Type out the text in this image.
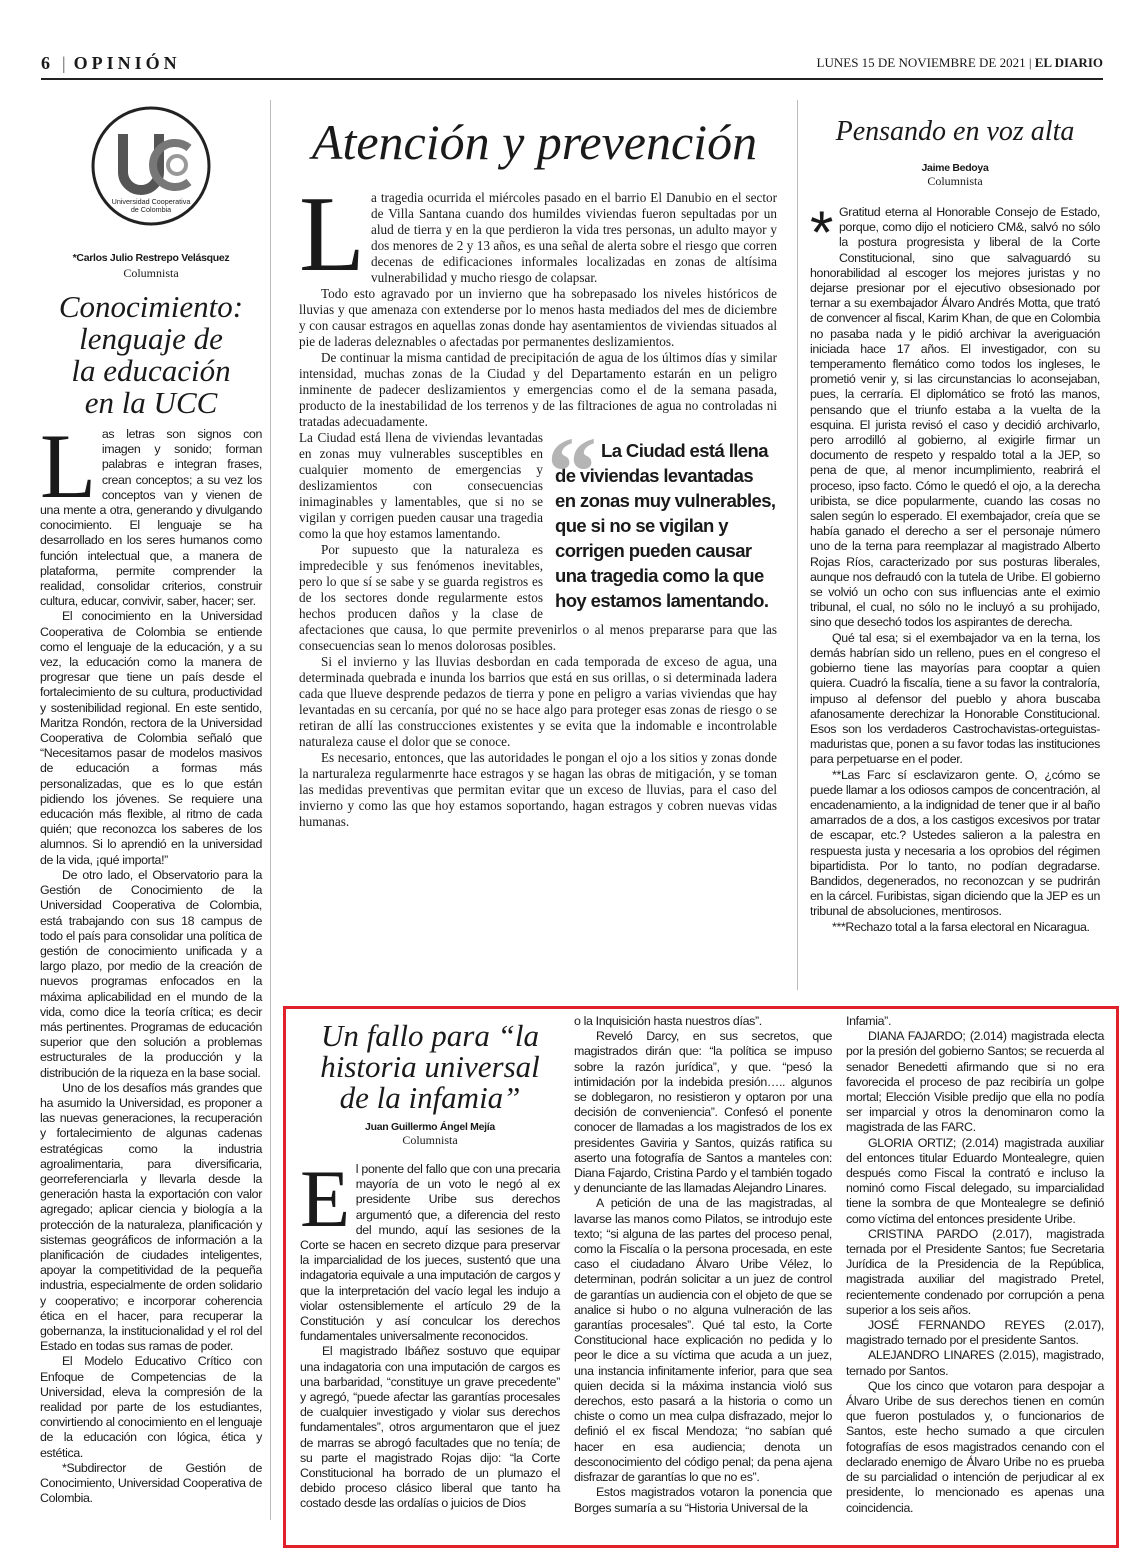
6 | OPINIÓN	LUNES 15 DE NOVIEMBRE DE 2021 | EL DIARIO
Universidad Cooperativa
de Colombia
*Carlos Julio Restrepo Velásquez
Columnista
Conocimiento:
lenguaje de
la educación
en la UCC

Las letras son signos con imagen y sonido; forman palabras e integran frases, crean conceptos; a su vez los conceptos van y vienen de una mente a otra, generando y divulgando conocimiento. El lenguaje se ha desarrollado en los seres humanos como función intelectual que, a manera de plataforma, permite comprender la realidad, consolidar criterios, construir cultura, educar, convivir, saber, hacer; ser.

El conocimiento en la Universidad Cooperativa de Colombia se entiende como el lenguaje de la educación, y a su vez, la educación como la manera de progresar que tiene un país desde el fortalecimiento de su cultura, productividad y sostenibilidad regional. En este sentido, Maritza Rondón, rectora de la Universidad Cooperativa de Colombia señaló que “Necesitamos pasar de modelos masivos de educación a formas más personalizadas, que es lo que están pidiendo los jóvenes. Se requiere una educación más flexible, al ritmo de cada quién; que reconozca los saberes de los alumnos. Si lo aprendió en la universidad de la vida, ¡qué importa!”

De otro lado, el Observatorio para la Gestión de Conocimiento de la Universidad Cooperativa de Colombia, está trabajando con sus 18 campus de todo el país para consolidar una política de gestión de conocimiento unificada y a largo plazo, por medio de la creación de nuevos programas enfocados en la máxima aplicabilidad en el mundo de la vida, como dice la teoría crítica; es decir más pertinentes. Programas de educación superior que den solución a problemas estructurales de la producción y la distribución de la riqueza en la base social.

Uno de los desafíos más grandes que ha asumido la Universidad, es proponer a las nuevas generaciones, la recuperación y fortalecimiento de algunas cadenas estratégicas como la industria agroalimentaria, para diversificaria, georreferenciarla y llevarla desde la generación hasta la exportación con valor agregado; aplicar ciencia y biología a la protección de la naturaleza, planificación y sistemas geográficos de información a la planificación de ciudades inteligentes, apoyar la competitividad de la pequeña industria, especialmente de orden solidario y cooperativo; e incorporar coherencia ética en el hacer, para recuperar la gobernanza, la institucionalidad y el rol del Estado en todas sus ramas de poder.

El Modelo Educativo Crítico con Enfoque de Competencias de la Universidad, eleva la compresión de la realidad por parte de los estudiantes, convirtiendo al conocimiento en el lenguaje de la educación con lógica, ética y estética.

*Subdirector de Gestión de Conocimiento, Universidad Cooperativa de Colombia.

Atención y prevención

La tragedia ocurrida el miércoles pasado en el barrio El Danubio en el sector de Villa Santana cuando dos humildes viviendas fueron sepultadas por un alud de tierra y en la que perdieron la vida tres personas, un adulto mayor y dos menores de 2 y 13 años, es una señal de alerta sobre el riesgo que corren decenas de edificaciones informales localizadas en zonas de altísima vulnerabilidad y mucho riesgo de colapsar.

Todo esto agravado por un invierno que ha sobrepasado los niveles históricos de lluvias y que amenaza con extenderse por lo menos hasta mediados del mes de diciembre y con causar estragos en aquellas zonas donde hay asentamientos de viviendas situados al pie de laderas deleznables o afectadas por permanentes deslizamientos.

De continuar la misma cantidad de precipitación de agua de los últimos días y similar intensidad, muchas zonas de la Ciudad y del Departamento estarán en un peligro inminente de padecer deslizamientos y emergencias como el de la semana pasada, producto de la inestabilidad de los terrenos y de las filtraciones de agua no controladas ni tratadas adecuadamente.	“ La Ciudad está llena de viviendas levantadas en zonas muy vulnerables, que si no se vigilan y corrigen pueden causar una tragedia como la que hoy estamos lamentando.

La Ciudad está llena de viviendas levantadas en zonas muy vulnerables susceptibles en cualquier momento de emergencias y deslizamientos con consecuencias inimaginables y lamentables, que si no se vigilan y corrigen pueden causar una tragedia como la que hoy estamos lamentando.

Por supuesto que la naturaleza es impredecible y sus fenómenos inevitables, pero lo que sí se sabe y se guarda registros es de los sectores donde regularmente estos hechos producen daños y la clase de afectaciones que causa, lo que permite prevenirlos o al menos prepararse para que las consecuencias sean lo menos dolorosas posibles.

Si el invierno y las lluvias desbordan en cada temporada de exceso de agua, una determinada quebrada e inunda los barrios que está en sus orillas, o si determinada ladera cada que llueve desprende pedazos de tierra y pone en peligro a varias viviendas que hay levantadas en su cercanía, por qué no se hace algo para proteger esas zonas de riesgo o se retiran de allí las construcciones existentes y se evita que la indomable e incontrolable naturaleza cause el dolor que se conoce.

Es necesario, entonces, que las autoridades le pongan el ojo a los sitios y zonas donde la narturaleza regularmenrte hace estragos y se hagan las obras de mitigación, y se toman las medidas preventivas que permitan evitar que un exceso de lluvias, para el caso del invierno y como las que hoy estamos soportando, hagan estragos y cobren nuevas vidas humanas.

Pensando en voz alta
Jaime Bedoya
Columnista

* Gratitud eterna al Honorable Consejo de Estado, porque, como dijo el noticiero CM&, salvó no sólo la postura progresista y liberal de la Corte Constitucional, sino que salvaguardó su honorabilidad al escoger los mejores juristas y no dejarse presionar por el ejecutivo obsesionado por ternar a su exembajador Álvaro Andrés Motta, que trató de convencer al fiscal, Karim Khan, de que en Colombia no pasaba nada y le pidió archivar la averiguación iniciada hace 17 años. El investigador, con su temperamento flemático como todos los ingleses, le prometió venir y, si las circunstancias lo aconsejaban, pues, la cerraría. El diplomático se frotó las manos, pensando que el triunfo estaba a la vuelta de la esquina. El jurista revisó el caso y decidió archivarlo, pero arrodilló al gobierno, al exigirle firmar un documento de respeto y respaldo total a la JEP, so pena de que, al menor incumplimiento, reabrirá el proceso, ipso facto. Cómo le quedó el ojo, a la derecha uribista, se dice popularmente, cuando las cosas no salen según lo esperado. El exembajador, creía que se había ganado el derecho a ser el personaje número uno de la terna para reemplazar al magistrado Alberto Rojas Ríos, caracterizado por sus posturas liberales, aunque nos defraudó con la tutela de Uribe. El gobierno se volvió un ocho con sus influencias ante el eximio tribunal, el cual, no sólo no le incluyó a su prohijado, sino que desechó todos los aspirantes de derecha.

Qué tal esa; si el exembajador va en la terna, los demás habrían sido un relleno, pues en el congreso el gobierno tiene las mayorías para cooptar a quien quiera. Cuadró la fiscalía, tiene a su favor la contraloría, impuso al defensor del pueblo y ahora buscaba afanosamente derechizar la Honorable Constitucional. Esos son los verdaderos Castrochavistas-orteguistas-maduristas que, ponen a su favor todas las instituciones para perpetuarse en el poder.

**Las Farc sí esclavizaron gente. O, ¿cómo se puede llamar a los odiosos campos de concentración, al encadenamiento, a la indignidad de tener que ir al baño amarrados de a dos, a los castigos excesivos por tratar de escapar, etc.? Ustedes salieron a la palestra en respuesta justa y necesaria a los oprobios del régimen bipartidista. Por lo tanto, no podían degradarse. Bandidos, degenerados, no reconozcan y se pudrirán en la cárcel. Furibistas, sigan diciendo que la JEP es un tribunal de absoluciones, mentirosos.

***Rechazo total a la farsa electoral en Nicaragua.

Un fallo para “la
historia universal
de la infamia”
Juan Guillermo Ángel Mejía
Columnista

El ponente del fallo que con una precaria mayoría de un voto le negó al ex presidente Uribe sus derechos argumentó que, a diferencia del resto del mundo, aquí las sesiones de la Corte se hacen en secreto dizque para preservar la imparcialidad de los jueces, sustentó que una indagatoria equivale a una imputación de cargos y que la interpretación del vacío legal les indujo a violar ostensiblemente el artículo 29 de la Constitución y así conculcar los derechos fundamentales universalmente reconocidos.

El magistrado Ibáñez sostuvo que equipar una indagatoria con una imputación de cargos es una barbaridad, “constituye un grave precedente” y agregó, “puede afectar las garantías procesales de cualquier investigado y violar sus derechos fundamentales”, otros argumentaron que el juez de marras se abrogó facultades que no tenía; de su parte el magistrado Rojas dijo: “la Corte Constitucional ha borrado de un plumazo el debido proceso clásico liberal que tanto ha costado desde las ordalías o juicios de Dios

o la Inquisición hasta nuestros días”.

Reveló Darcy, en sus secretos, que magistrados dirán que: “la política se impuso sobre la razón jurídica”, y que. “pesó la intimidación por la indebida presión….. algunos se doblegaron, no resistieron y optaron por una decisión de conveniencia”. Confesó el ponente conocer de llamadas a los magistrados de los ex presidentes Gaviria y Santos, quizás ratifica su aserto una fotografía de Santos a manteles con: Diana Fajardo, Cristina Pardo y el también togado y denunciante de las llamadas Alejandro Linares.

A petición de una de las magistradas, al lavarse las manos como Pilatos, se introdujo este texto; “si alguna de las partes del proceso penal, como la Fiscalía o la persona procesada, en este caso el ciudadano Álvaro Uribe Vélez, lo determinan, podrán solicitar a un juez de control de garantías un audiencia con el objeto de que se analice si hubo o no alguna vulneración de las garantías procesales”. Qué tal esto, la Corte Constitucional hace explicación no pedida y lo peor le dice a su víctima que acuda a un juez, una instancia infinitamente inferior, para que sea quien decida si la máxima instancia violó sus derechos, esto pasará a la historia o como un chiste o como un mea culpa disfrazado, mejor lo definió el ex fiscal Mendoza; “no sabían qué hacer en esa audiencia; denota un desconocimiento del código penal; da pena ajena disfrazar de garantías lo que no es”.

Estos magistrados votaron la ponencia que Borges sumaría a su “Historia Universal de la

Infamia”.

DIANA FAJARDO; (2.014) magistrada electa por la presión del gobierno Santos; se recuerda al senador Benedetti afirmando que si no era favorecida el proceso de paz recibiría un golpe mortal; Elección Visible predijo que ella no podía ser imparcial y otros la denominaron como la magistrada de las FARC.

GLORIA ORTIZ; (2.014) magistrada auxiliar del entonces titular Eduardo Montealegre, quien después como Fiscal la contrató e incluso la nominó como Fiscal delegado, su imparcialidad tiene la sombra de que Montealegre se definió como víctima del entonces presidente Uribe.

CRISTINA PARDO (2.017), magistrada ternada por el Presidente Santos; fue Secretaria Jurídica de la Presidencia de la República, magistrada auxiliar del magistrado Pretel, recientemente condenado por corrupción a pena superior a los seis años.

JOSÉ FERNANDO REYES (2.017), magistrado ternado por el presidente Santos.

ALEJANDRO LINARES (2.015), magistrado, ternado por Santos.

Que los cinco que votaron para despojar a Álvaro Uribe de sus derechos tienen en común que fueron postulados y, o funcionarios de Santos, este hecho sumado a que circulen fotografías de esos magistrados cenando con el declarado enemigo de Álvaro Uribe no es prueba de su parcialidad o intención de perjudicar al ex presidente, lo mencionado es apenas una coincidencia.
